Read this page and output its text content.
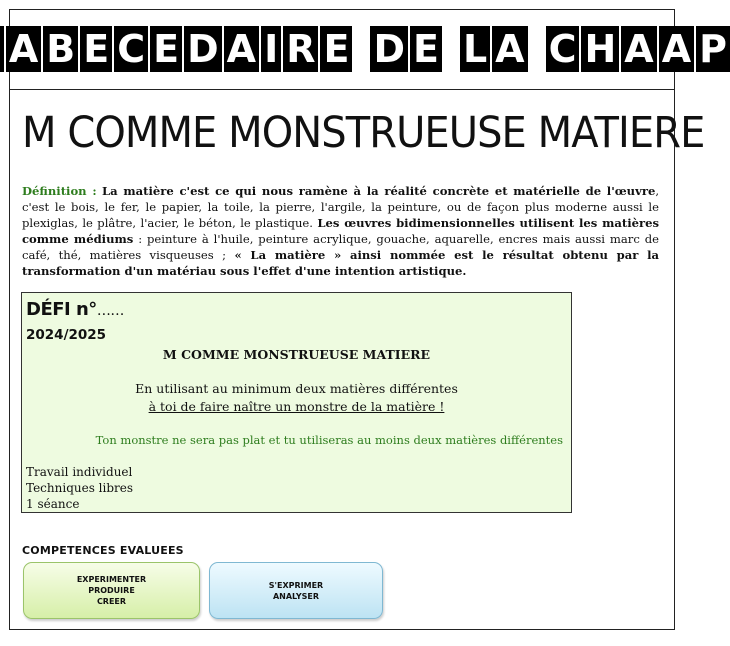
A B E C E D A I R E D E L A C H A A P
M COMME MONSTRUEUSE MATIERE
Définition : La matière c'est ce qui nous ramène à la réalité concrète et matérielle de l'œuvre, c'est le bois, le fer, le papier, la toile, la pierre, l'argile, la peinture, ou de façon plus moderne aussi le plexiglas, le plâtre, l'acier, le béton, le plastique. Les œuvres bidimensionnelles utilisent les matières comme médiums : peinture à l'huile, peinture acrylique, gouache, aquarelle, encres mais aussi marc de café, thé, matières visqueuses ; « La matière » ainsi nommée est le résultat obtenu par la transformation d'un matériau sous l'effet d'une intention artistique.
DÉFI n°……
2024/2025
M COMME MONSTRUEUSE MATIERE
En utilisant au minimum deux matières différentes
à toi de faire naître un monstre de la matière !
Ton monstre ne sera pas plat et tu utiliseras au moins deux matières différentes
Travail individuel
Techniques libres
1 séance
COMPETENCES EVALUEES
EXPERIMENTER
PRODUIRE
CREER
S'EXPRIMER
ANALYSER
